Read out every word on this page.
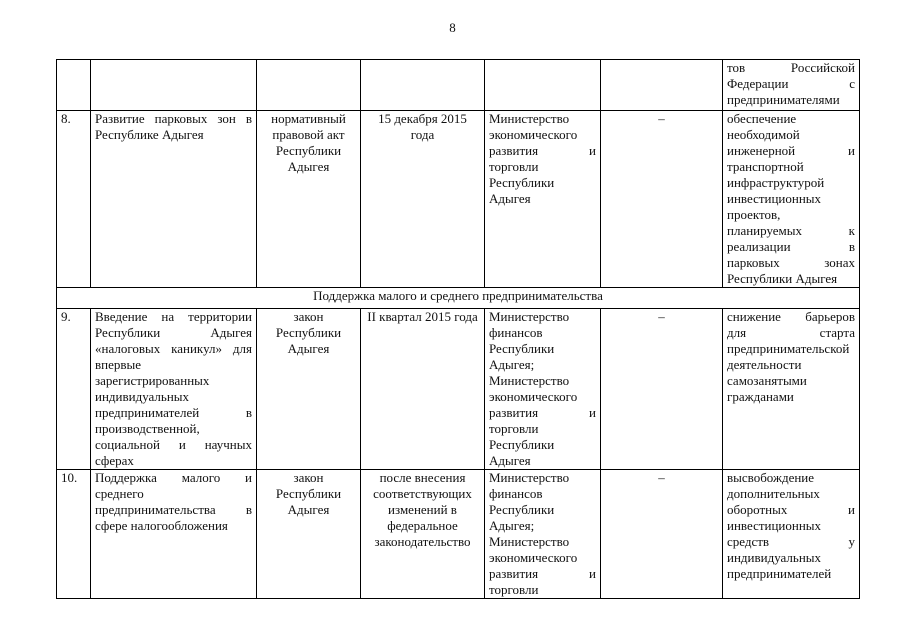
8
						тов Российской Федерации с предпринимателями
8.	Развитие парковых зон в Республике Адыгея	нормативный правовой акт Республики Адыгея	15 декабря 2015 года	Министерство экономического развития и торговли Республики Адыгея	–	обеспечение необходимой инженерной и транспортной инфраструктурой инвестиционных проектов, планируемых к реализации в парковых зонах Республики Адыгея
Поддержка малого и среднего предпринимательства						
9.	Введение на территории Республики Адыгея «налоговых каникул» для впервые зарегистрированных индивидуальных предпринимателей в производственной, социальной и научных сферах	закон Республики Адыгея	II квартал 2015 года	Министерство финансов Республики Адыгея; Министерство экономического развития и торговли Республики Адыгея	–	снижение барьеров для старта предпринимательской деятельности самозанятыми гражданами
10.	Поддержка малого и среднего предпринимательства в сфере налогообложения	закон Республики Адыгея	после внесения соответствующих изменений в федеральное законодательство	Министерство финансов Республики Адыгея; Министерство экономического развития и торговли	–	высвобождение дополнительных оборотных и инвестиционных средств у индивидуальных предпринимателей
